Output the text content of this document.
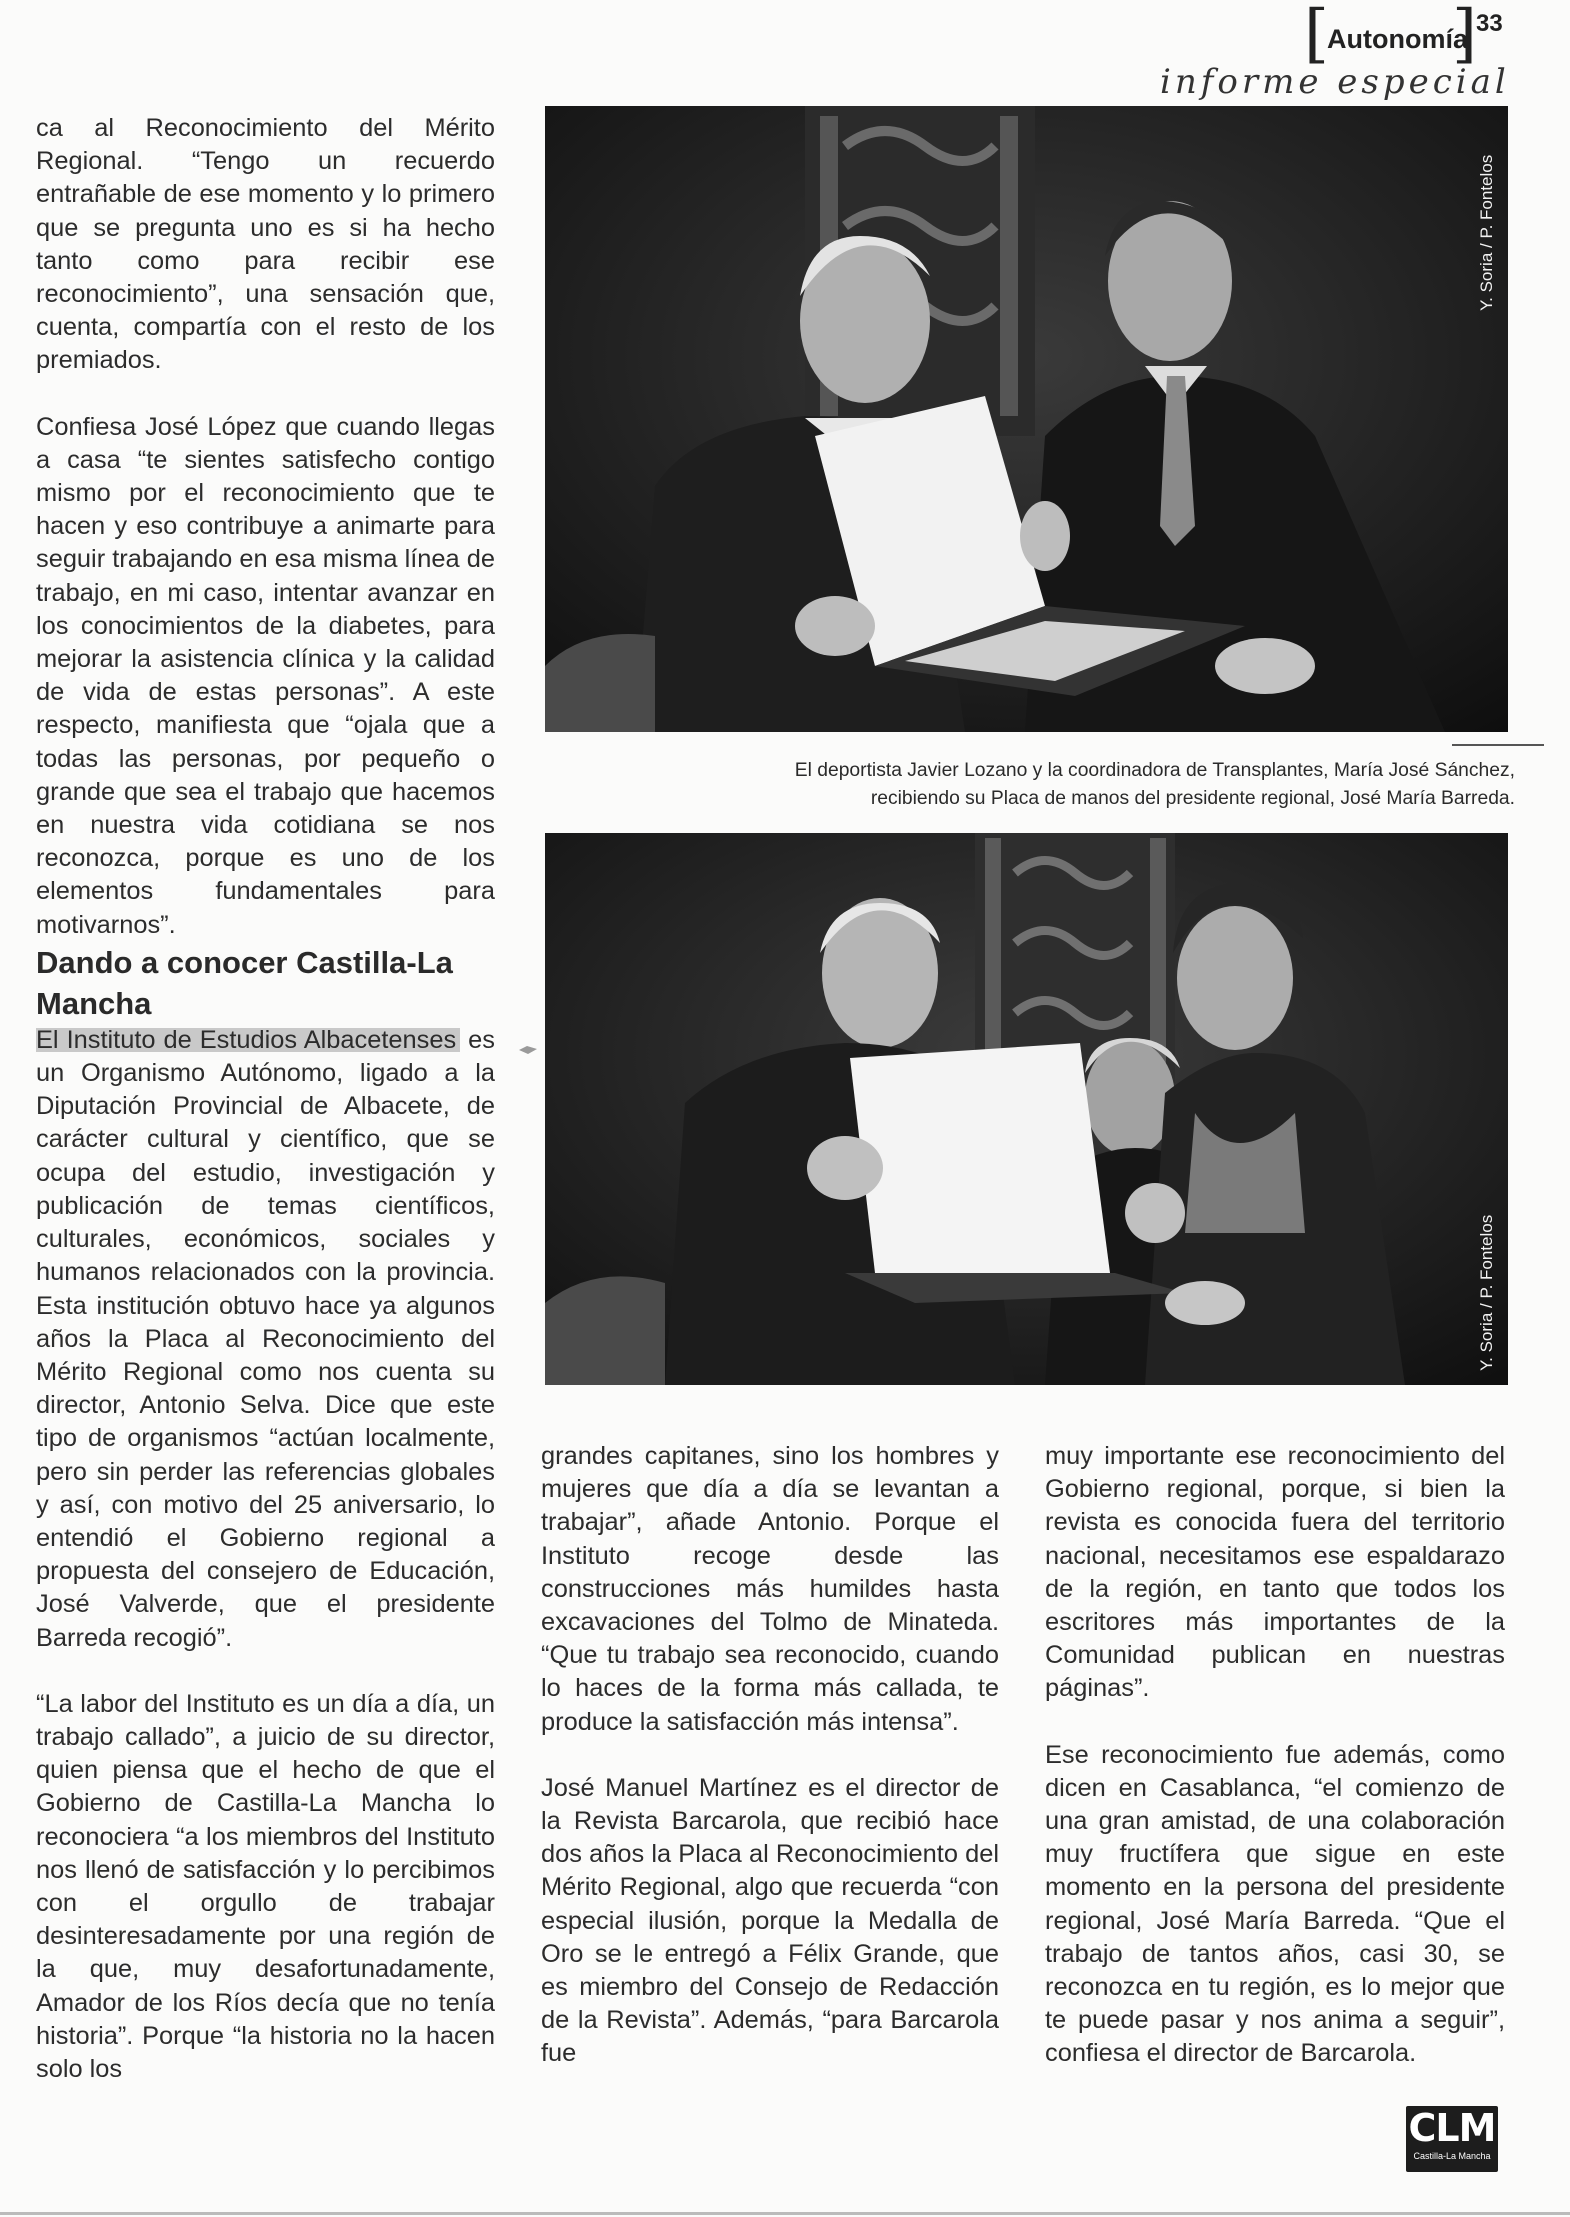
[
Autonomía
] 33
informe especial

ca al Reconocimiento del Mérito Regional. “Tengo un recuerdo entrañable de ese momento y lo primero que se pregunta uno es si ha hecho tanto como para recibir ese reconocimiento”, una sensación que, cuenta, compartía con el resto de los premiados.

Confiesa José López que cuando llegas a casa “te sientes satisfecho contigo mismo por el reconocimiento que te hacen y eso contribuye a animarte para seguir trabajando en esa misma línea de trabajo, en mi caso, intentar avanzar en los conocimientos de la diabetes, para mejorar la asistencia clínica y la calidad de vida de estas personas”. A este respecto, manifiesta que “ojala que a todas las personas, por pequeño o grande que sea el trabajo que hacemos en nuestra vida cotidiana se nos reconozca, porque es uno de los elementos fundamentales para motivarnos”.

Dando a conocer Castilla-La Mancha

El Instituto de Estudios Albacetenses es un Organismo Autónomo, ligado a la Diputación Provincial de Albacete, de carácter cultural y científico, que se ocupa del estudio, investigación y publicación de temas científicos, culturales, económicos, sociales y humanos relacionados con la provincia. Esta institución obtuvo hace ya algunos años la Placa al Reconocimiento del Mérito Regional como nos cuenta su director, Antonio Selva. Dice que este tipo de organismos “actúan localmente, pero sin perder las referencias globales y así, con motivo del 25 aniversario, lo entendió el Gobierno regional a propuesta del consejero de Educación, José Valverde, que el presidente Barreda recogió”.

“La labor del Instituto es un día a día, un trabajo callado”, a juicio de su director, quien piensa que el hecho de que el Gobierno de Castilla-La Mancha lo reconociera “a los miembros del Instituto nos llenó de satisfacción y lo percibimos con el orgullo de trabajar desinteresadamente por una región de la que, muy desafortunadamente, Amador de los Ríos decía que no tenía historia”. Porque “la historia no la hacen solo los

grandes capitanes, sino los hombres y mujeres que día a día se levantan a trabajar”, añade Antonio. Porque el Instituto recoge desde las construcciones más humildes hasta excavaciones del Tolmo de Minateda. “Que tu trabajo sea reconocido, cuando lo haces de la forma más callada, te produce la satisfacción más intensa”.

José Manuel Martínez es el director de la Revista Barcarola, que recibió hace dos años la Placa al Reconocimiento del Mérito Regional, algo que recuerda “con especial ilusión, porque la Medalla de Oro se le entregó a Félix Grande, que es miembro del Consejo de Redacción de la Revista”. Además, “para Barcarola fue

muy importante ese reconocimiento del Gobierno regional, porque, si bien la revista es conocida fuera del territorio nacional, necesitamos ese espaldarazo de la región, en tanto que todos los escritores más importantes de la Comunidad publican en nuestras páginas”.

Ese reconocimiento fue además, como dicen en Casablanca, “el comienzo de una gran amistad, de una colaboración muy fructífera que sigue en este momento en la persona del presidente regional, José María Barreda. “Que el trabajo de tantos años, casi 30, se reconozca en tu región, es lo mejor que te puede pasar y nos anima a seguir”, confiesa el director de Barcarola.

Y. Soria / P. Fontelos
El deportista Javier Lozano y la coordinadora de Transplantes, María José Sánchez,
recibiendo su Placa de manos del presidente regional, José María Barreda.
Y. Soria / P. Fontelos
CLM
Castilla-La Mancha
